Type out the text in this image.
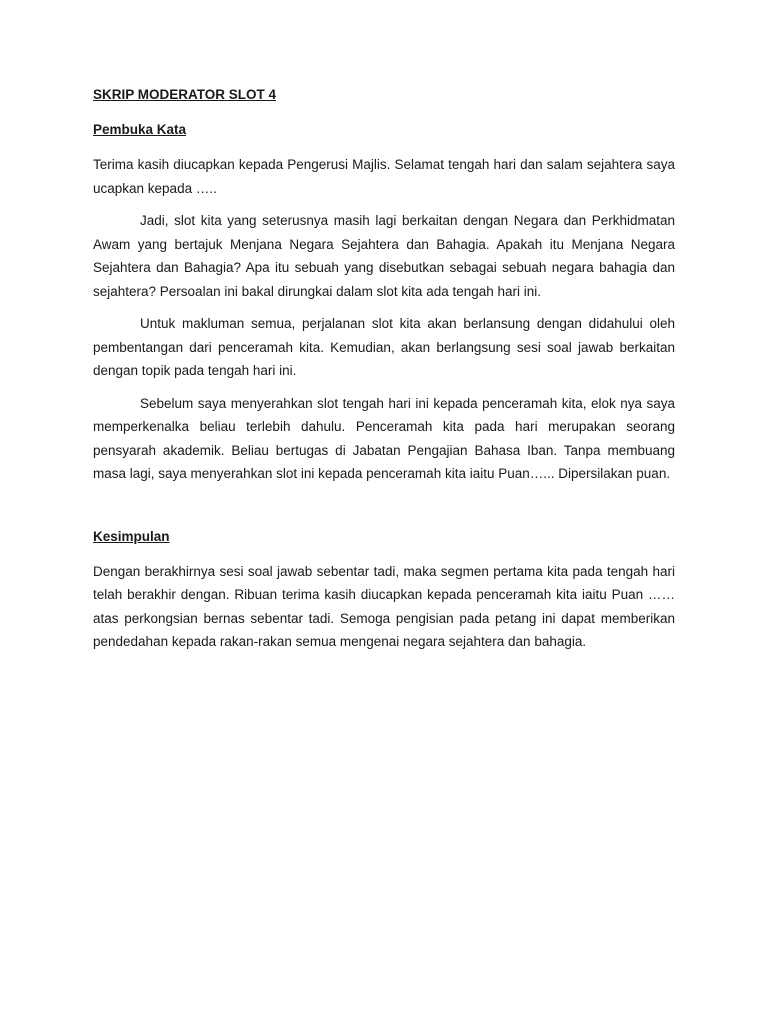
SKRIP MODERATOR SLOT 4
Pembuka Kata

Terima kasih diucapkan kepada Pengerusi Majlis. Selamat tengah hari dan salam sejahtera saya ucapkan kepada …..

Jadi, slot kita yang seterusnya masih lagi berkaitan dengan Negara dan Perkhidmatan Awam yang bertajuk Menjana Negara Sejahtera dan Bahagia. Apakah itu Menjana Negara Sejahtera dan Bahagia? Apa itu sebuah yang disebutkan sebagai sebuah negara bahagia dan sejahtera? Persoalan ini bakal dirungkai dalam slot kita ada tengah hari ini.

Untuk makluman semua, perjalanan slot kita akan berlansung dengan didahului oleh pembentangan dari penceramah kita. Kemudian, akan berlangsung sesi soal jawab berkaitan dengan topik pada tengah hari ini.

Sebelum saya menyerahkan slot tengah hari ini kepada penceramah kita, elok nya saya memperkenalka beliau terlebih dahulu. Penceramah kita pada hari merupakan seorang pensyarah akademik. Beliau bertugas di Jabatan Pengajian Bahasa Iban. Tanpa membuang masa lagi, saya menyerahkan slot ini kepada penceramah kita iaitu Puan…... Dipersilakan puan.

Kesimpulan

Dengan berakhirnya sesi soal jawab sebentar tadi, maka segmen pertama kita pada tengah hari telah berakhir dengan. Ribuan terima kasih diucapkan kepada penceramah kita iaitu Puan …… atas perkongsian bernas sebentar tadi. Semoga pengisian pada petang ini dapat memberikan pendedahan kepada rakan-rakan semua mengenai negara sejahtera dan bahagia.
